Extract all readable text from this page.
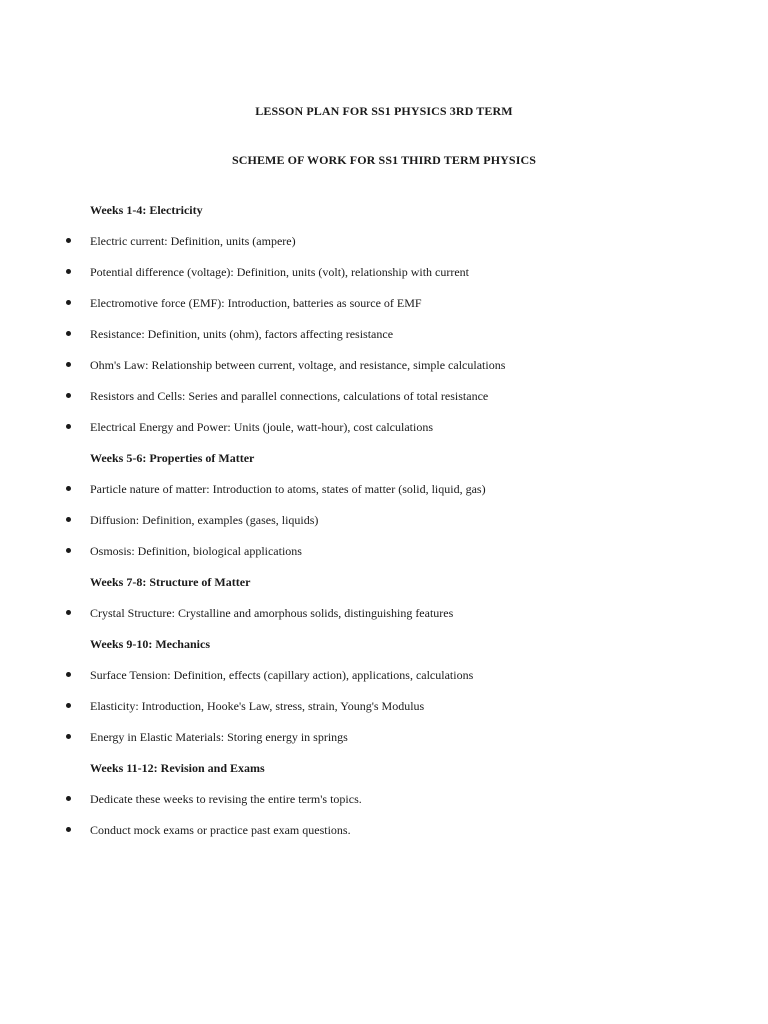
LESSON PLAN FOR SS1 PHYSICS 3RD TERM
SCHEME OF WORK FOR SS1 THIRD TERM PHYSICS
Weeks 1-4: Electricity
Electric current: Definition, units (ampere)
Potential difference (voltage): Definition, units (volt), relationship with current
Electromotive force (EMF): Introduction, batteries as source of EMF
Resistance: Definition, units (ohm), factors affecting resistance
Ohm's Law: Relationship between current, voltage, and resistance, simple calculations
Resistors and Cells: Series and parallel connections, calculations of total resistance
Electrical Energy and Power: Units (joule, watt-hour), cost calculations
Weeks 5-6: Properties of Matter
Particle nature of matter: Introduction to atoms, states of matter (solid, liquid, gas)
Diffusion: Definition, examples (gases, liquids)
Osmosis: Definition, biological applications
Weeks 7-8: Structure of Matter
Crystal Structure: Crystalline and amorphous solids, distinguishing features
Weeks 9-10: Mechanics
Surface Tension: Definition, effects (capillary action), applications, calculations
Elasticity: Introduction, Hooke's Law, stress, strain, Young's Modulus
Energy in Elastic Materials: Storing energy in springs
Weeks 11-12: Revision and Exams
Dedicate these weeks to revising the entire term's topics.
Conduct mock exams or practice past exam questions.
